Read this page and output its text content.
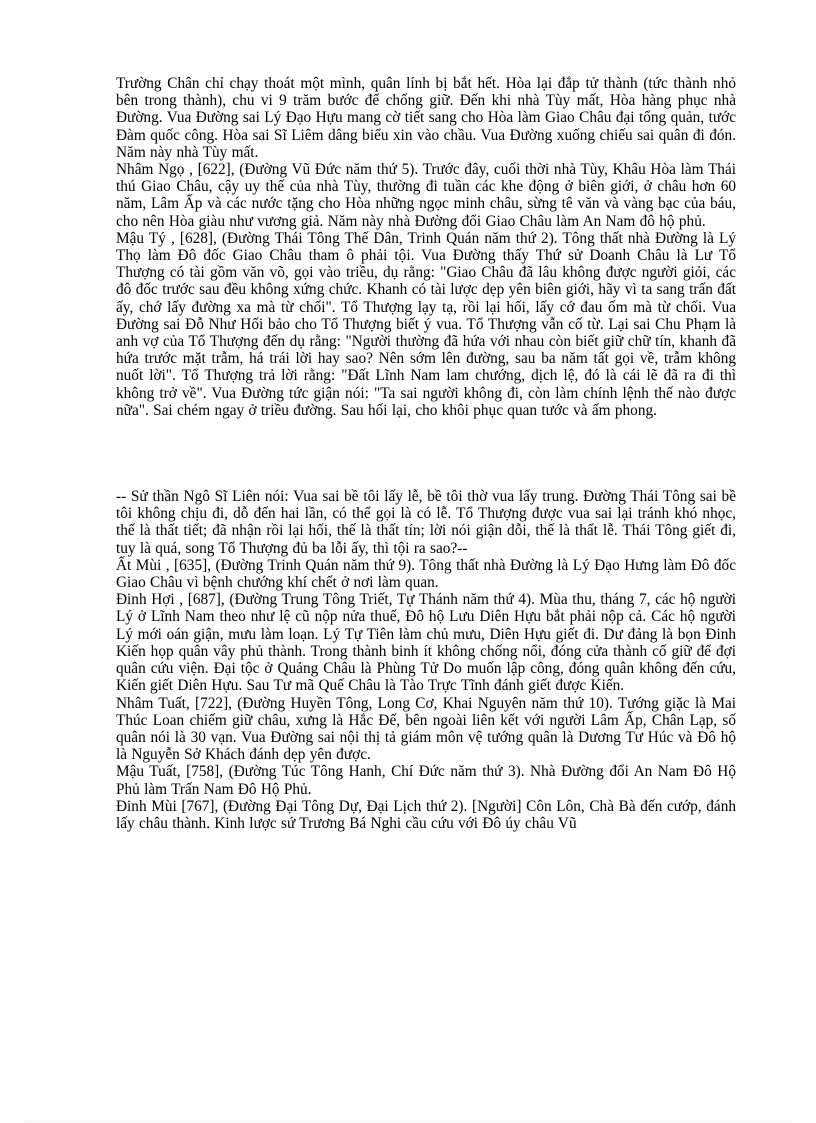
Trường Chân chỉ chạy thoát một mình, quân lính bị bắt hết. Hòa lại đắp tử thành (tức thành nhỏ bên trong thành), chu vi 9 trăm bước để chống giữ. Đến khi nhà Tùy mất, Hòa hàng phục nhà Đường. Vua Đường sai Lý Đạo Hựu mang cờ tiết sang cho Hòa làm Giao Châu đại tổng quản, tước Đàm quốc công. Hòa sai Sĩ Liêm dâng biểu xin vào chầu. Vua Đường xuống chiếu sai quân đi đón. Năm này nhà Tùy mất.

Nhâm Ngọ , [622], (Đường Vũ Đức năm thứ 5). Trước đây, cuối thời nhà Tùy, Khâu Hòa làm Thái thú Giao Châu, cậy uy thế của nhà Tùy, thường đi tuần các khe động ở biên giới, ở châu hơn 60 năm, Lâm Ấp và các nước tặng cho Hòa những ngọc minh châu, sừng tê văn và vàng bạc của báu, cho nên Hòa giàu như vương giả. Năm này nhà Đường đổi Giao Châu làm An Nam đô hộ phủ.

Mậu Tý , [628], (Đường Thái Tông Thế Dân, Trinh Quán năm thứ 2). Tông thất nhà Đường là Lý Thọ làm Đô đốc Giao Châu tham ô phải tội. Vua Đường thấy Thứ sử Doanh Châu là Lư Tổ Thượng có tài gồm văn võ, gọi vào triều, dụ rằng: "Giao Châu đã lâu không được người giỏi, các đô đốc trước sau đều không xứng chức. Khanh có tài lược dẹp yên biên giới, hãy vì ta sang trấn đất ấy, chớ lấy đường xa mà từ chối". Tổ Thượng lạy tạ, rồi lại hối, lấy cớ đau ốm mà từ chối. Vua Đường sai Đỗ Như Hối bảo cho Tổ Thượng biết ý vua. Tổ Thượng vẫn cố từ. Lại sai Chu Phạm là anh vợ của Tổ Thượng đến dụ rằng: "Người thường đã hứa với nhau còn biết giữ chữ tín, khanh đã hứa trước mặt trẫm, há trái lời hay sao? Nên sớm lên đường, sau ba năm tất gọi về, trẫm không nuốt lời". Tổ Thượng trả lời rằng: "Đất Lĩnh Nam lam chướng, dịch lệ, đó là cái lẽ đã ra đi thì không trở về". Vua Đường tức giận nói: "Ta sai người không đi, còn làm chính lệnh thế nào được nữa". Sai chém ngay ở triều đường. Sau hối lại, cho khôi phục quan tước và ấm phong.

-- Sử thần Ngô Sĩ Liên nói: Vua sai bề tôi lấy lễ, bề tôi thờ vua lấy trung. Đường Thái Tông sai bề tôi không chịu đi, dỗ đến hai lần, có thể gọi là có lễ. Tổ Thượng được vua sai lại tránh khó nhọc, thế là thất tiết; đã nhận rồi lại hối, thế là thất tín; lời nói giận dỗi, thế là thất lễ. Thái Tông giết đi, tuy là quá, song Tổ Thượng đủ ba lỗi ấy, thì tội ra sao?--

Ất Mùi , [635], (Đường Trinh Quán năm thứ 9). Tông thất nhà Đường là Lý Đạo Hưng làm Đô đốc Giao Châu vì bệnh chướng khí chết ở nơi làm quan.

Đinh Hợi , [687], (Đường Trung Tông Triết, Tự Thánh năm thứ 4). Mùa thu, tháng 7, các hộ người Lý ở Lĩnh Nam theo như lệ cũ nộp nửa thuế, Đô hộ Lưu Diên Hựu bắt phải nộp cả. Các hộ người Lý mới oán giận, mưu làm loạn. Lý Tự Tiên làm chủ mưu, Diên Hựu giết đi. Dư đảng là bọn Đinh Kiến họp quân vây phủ thành. Trong thành binh ít không chống nổi, đóng cửa thành cố giữ để đợi quân cứu viện. Đại tộc ở Quảng Châu là Phùng Tử Do muốn lập công, đóng quân không đến cứu, Kiến giết Diên Hựu. Sau Tư mã Quế Châu là Tào Trực Tĩnh đánh giết được Kiến.

Nhâm Tuất, [722], (Đường Huyền Tông, Long Cơ, Khai Nguyên năm thứ 10). Tướng giặc là Mai Thúc Loan chiếm giữ châu, xưng là Hắc Đế, bên ngoài liên kết với người Lâm Ấp, Chân Lạp, số quân nói là 30 vạn. Vua Đường sai nội thị tả giám môn vệ tướng quân là Dương Tư Húc và Đô hộ là Nguyễn Sở Khách đánh dẹp yên được.

Mậu Tuất, [758], (Đường Túc Tông Hanh, Chí Đức năm thứ 3). Nhà Đường đổi An Nam Đô Hộ Phủ làm Trấn Nam Đô Hộ Phủ.

Đinh Mùi [767], (Đường Đại Tông Dự, Đại Lịch thứ 2). [Người] Côn Lôn, Chà Bà đến cướp, đánh lấy châu thành. Kinh lược sứ Trương Bá Nghi cầu cứu với Đô úy châu Vũ
